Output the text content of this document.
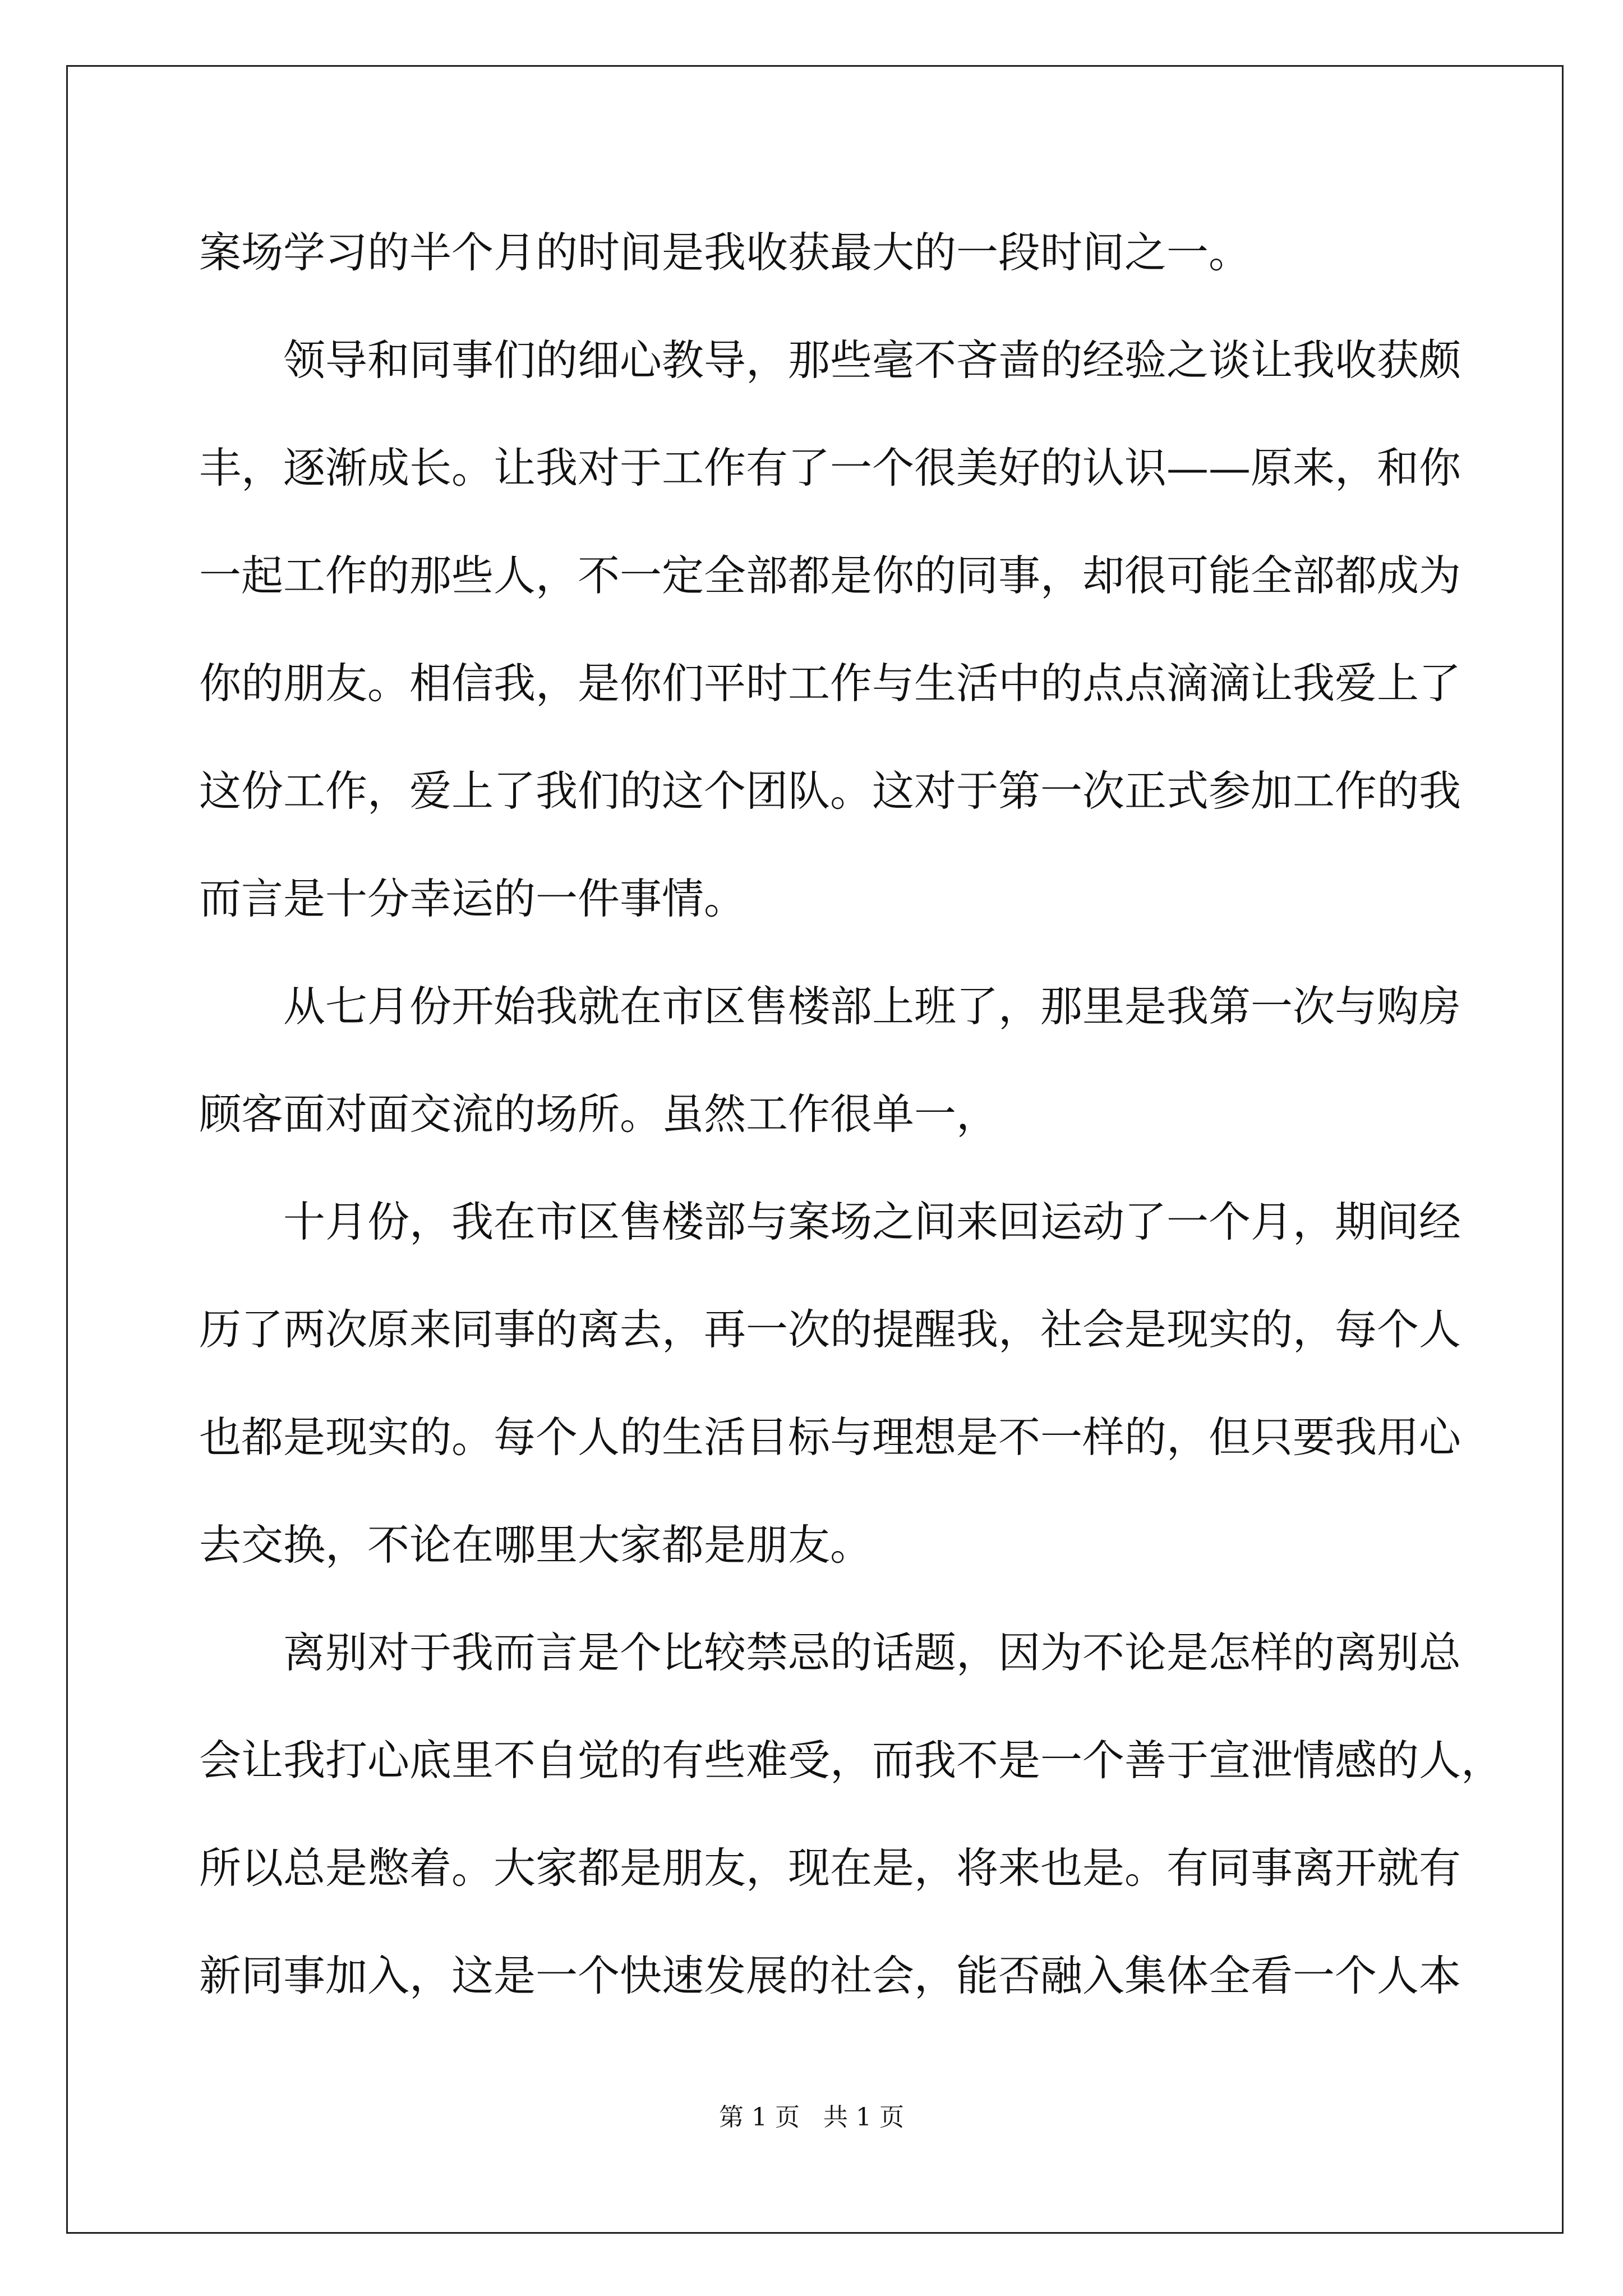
案场学习的半个月的时间是我收获最大的一段时间之一。
领导和同事们的细心教导，那些毫不吝啬的经验之谈让我收获颇
丰，逐渐成长。让我对于工作有了一个很美好的认识——原来，和你
一起工作的那些人，不一定全部都是你的同事，却很可能全部都成为
你的朋友。相信我，是你们平时工作与生活中的点点滴滴让我爱上了
这份工作，爱上了我们的这个团队。这对于第一次正式参加工作的我
而言是十分幸运的一件事情。
从七月份开始我就在市区售楼部上班了，那里是我第一次与购房
顾客面对面交流的场所。虽然工作很单一，
十月份，我在市区售楼部与案场之间来回运动了一个月，期间经
历了两次原来同事的离去，再一次的提醒我，社会是现实的，每个人
也都是现实的。每个人的生活目标与理想是不一样的，但只要我用心
去交换，不论在哪里大家都是朋友。
离别对于我而言是个比较禁忌的话题，因为不论是怎样的离别总
会让我打心底里不自觉的有些难受，而我不是一个善于宣泄情感的人，
所以总是憋着。大家都是朋友，现在是，将来也是。有同事离开就有
新同事加入，这是一个快速发展的社会，能否融入集体全看一个人本
第 1 页 共 1 页
